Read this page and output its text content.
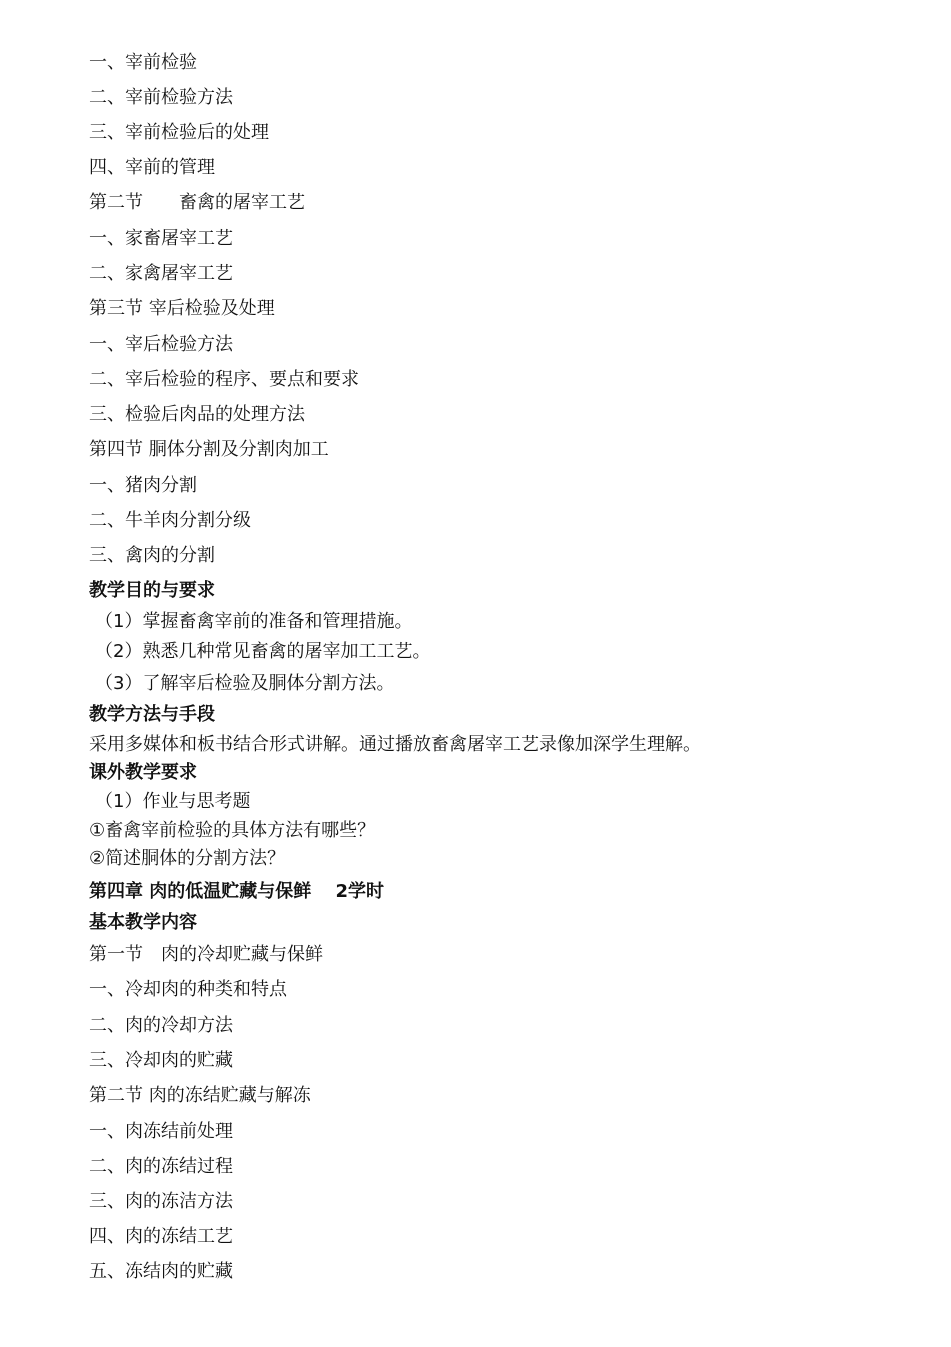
一、宰前检验
二、宰前检验方法
三、宰前检验后的处理
四、宰前的管理
第二节　　畜禽的屠宰工艺
一、家畜屠宰工艺
二、家禽屠宰工艺
第三节 宰后检验及处理
一、宰后检验方法
二、宰后检验的程序、要点和要求
三、检验后肉品的处理方法
第四节 胴体分割及分割肉加工
一、猪肉分割
二、牛羊肉分割分级
三、禽肉的分割
教学目的与要求
（1）掌握畜禽宰前的准备和管理措施。
（2）熟悉几种常见畜禽的屠宰加工工艺。
（3）了解宰后检验及胴体分割方法。
教学方法与手段
采用多媒体和板书结合形式讲解。通过播放畜禽屠宰工艺录像加深学生理解。
课外教学要求
（1）作业与思考题
①畜禽宰前检验的具体方法有哪些？
②简述胴体的分割方法？
第四章 肉的低温贮藏与保鲜　 2学时
基本教学内容
第一节　肉的冷却贮藏与保鲜
一、冷却肉的种类和特点
二、肉的冷却方法
三、冷却肉的贮藏
第二节 肉的冻结贮藏与解冻
一、肉冻结前处理
二、肉的冻结过程
三、肉的冻洁方法
四、肉的冻结工艺
五、冻结肉的贮藏
